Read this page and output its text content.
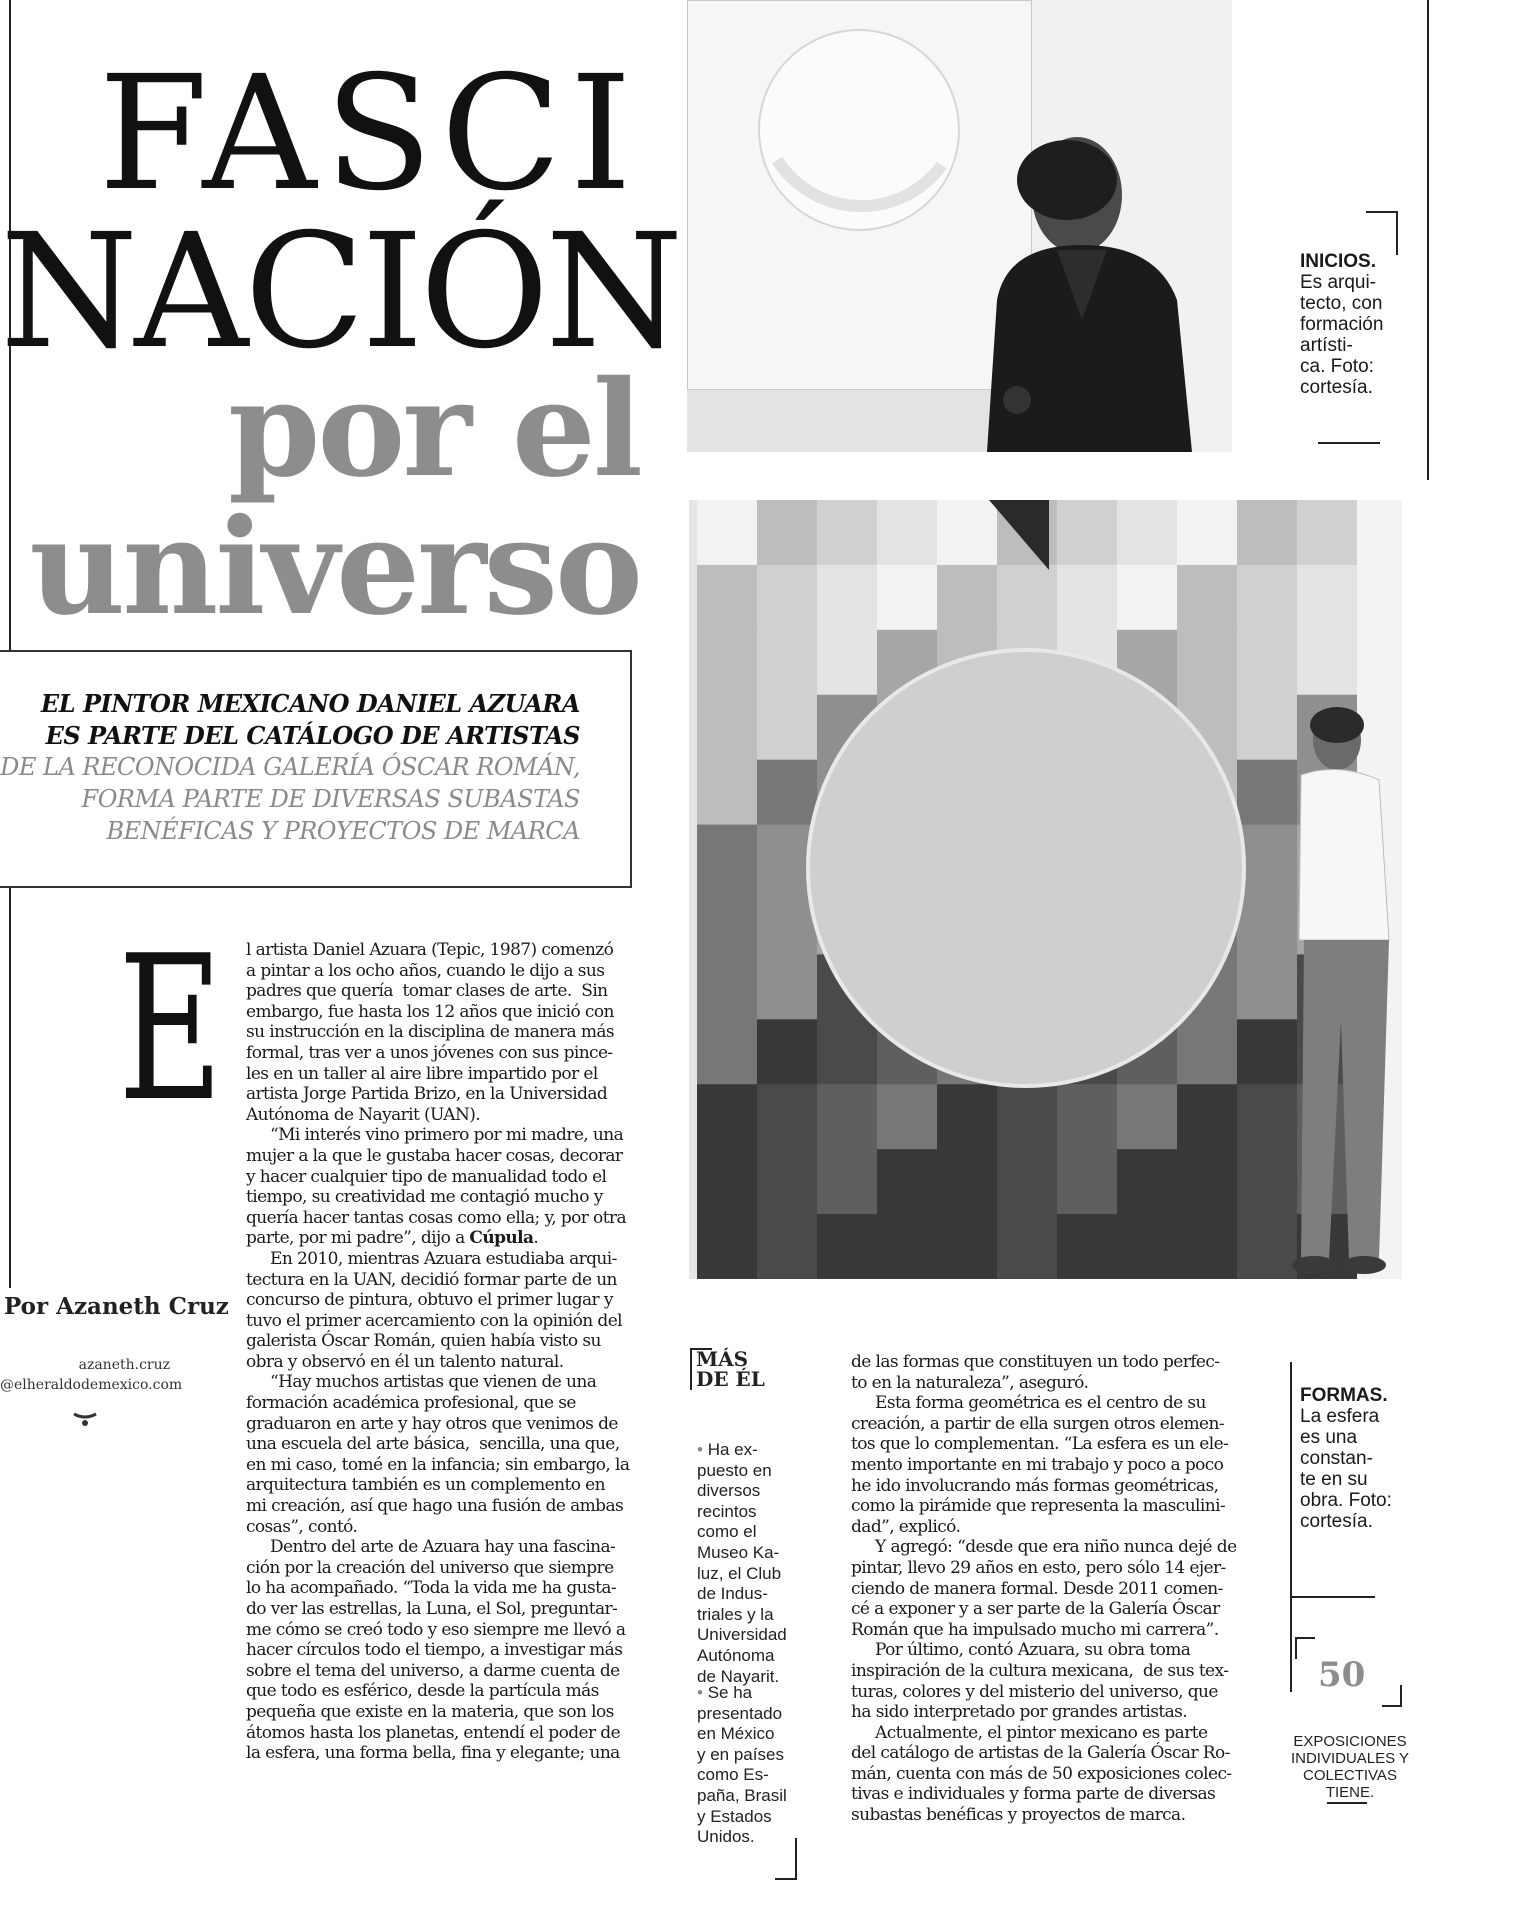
FASCI
NACIÓN
por el
universo
EL PINTOR MEXICANO DANIEL AZUARA
ES PARTE DEL CATÁLOGO DE ARTISTAS
DE LA RECONOCIDA GALERÍA ÓSCAR ROMÁN,
FORMA PARTE DE DIVERSAS SUBASTAS
BENÉFICAS Y PROYECTOS DE MARCA
INICIOS.
Es arqui-
tecto, con
formación
artísti-
ca. Foto:
cortesía.
FORMAS.
La esfera
es una
constan-
te en su
obra. Foto:
cortesía.
E l artista Daniel Azuara (Tepic, 1987) comenzó
a pintar a los ocho años, cuando le dijo a sus
padres que quería  tomar clases de arte.  Sin
embargo, fue hasta los 12 años que inició con
su instrucción en la disciplina de manera más
formal, tras ver a unos jóvenes con sus pince-
les en un taller al aire libre impartido por el
artista Jorge Partida Brizo, en la Universidad
Autónoma de Nayarit (UAN).
“Mi interés vino primero por mi madre, una
mujer a la que le gustaba hacer cosas, decorar
y hacer cualquier tipo de manualidad todo el
tiempo, su creatividad me contagió mucho y
quería hacer tantas cosas como ella; y, por otra
parte, por mi padre”, dijo a Cúpula.
En 2010, mientras Azuara estudiaba arqui-
tectura en la UAN, decidió formar parte de un
concurso de pintura, obtuvo el primer lugar y
tuvo el primer acercamiento con la opinión del
galerista Óscar Román, quien había visto su
obra y observó en él un talento natural.
“Hay muchos artistas que vienen de una
formación académica profesional, que se
graduaron en arte y hay otros que venimos de
una escuela del arte básica,  sencilla, una que,
en mi caso, tomé en la infancia; sin embargo, la
arquitectura también es un complemento en
mi creación, así que hago una fusión de ambas
cosas”, contó.
Dentro del arte de Azuara hay una fascina-
ción por la creación del universo que siempre
lo ha acompañado. “Toda la vida me ha gusta-
do ver las estrellas, la Luna, el Sol, preguntar-
me cómo se creó todo y eso siempre me llevó a
hacer círculos todo el tiempo, a investigar más
sobre el tema del universo, a darme cuenta de
que todo es esférico, desde la partícula más
pequeña que existe en la materia, que son los
átomos hasta los planetas, entendí el poder de
la esfera, una forma bella, fina y elegante; una
de las formas que constituyen un todo perfec-
to en la naturaleza”, aseguró.
Esta forma geométrica es el centro de su
creación, a partir de ella surgen otros elemen-
tos que lo complementan. “La esfera es un ele-
mento importante en mi trabajo y poco a poco
he ido involucrando más formas geométricas,
como la pirámide que representa la masculini-
dad”, explicó.
Y agregó: “desde que era niño nunca dejé de
pintar, llevo 29 años en esto, pero sólo 14 ejer-
ciendo de manera formal. Desde 2011 comen-
cé a exponer y a ser parte de la Galería Óscar
Román que ha impulsado mucho mi carrera”.
Por último, contó Azuara, su obra toma
inspiración de la cultura mexicana,  de sus tex-
turas, colores y del misterio del universo, que
ha sido interpretado por grandes artistas.
Actualmente, el pintor mexicano es parte
del catálogo de artistas de la Galería Óscar Ro-
mán, cuenta con más de 50 exposiciones colec-
tivas e individuales y forma parte de diversas
subastas benéficas y proyectos de marca.
Por Azaneth Cruz
azaneth.cruz
@elheraldodemexico.com
MÁS
DE ÉL
• Ha ex-
puesto en
diversos
recintos
como el
Museo Ka-
luz, el Club
de Indus-
triales y la
Universidad
Autónoma
de Nayarit.
• Se ha
presentado
en México
y en países
como Es-
paña, Brasil
y Estados
Unidos.
50
EXPOSICIONES INDIVIDUALES Y COLECTIVAS TIENE.
